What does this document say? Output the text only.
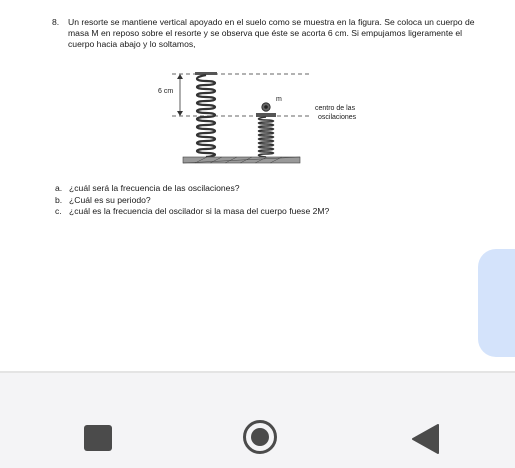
8. Un resorte se mantiene vertical apoyado en el suelo como se muestra en la figura. Se coloca un cuerpo de masa M en reposo sobre el resorte y se observa que éste se acorta 6 cm. Si empujamos ligeramente el cuerpo hacia abajo y lo soltamos,
6 cm
m
centro de las
oscilaciones
a. ¿cuál será la frecuencia de las oscilaciones?
b. ¿Cuál es su periodo?
c. ¿cuál es la frecuencia del oscilador si la masa del cuerpo fuese 2M?
